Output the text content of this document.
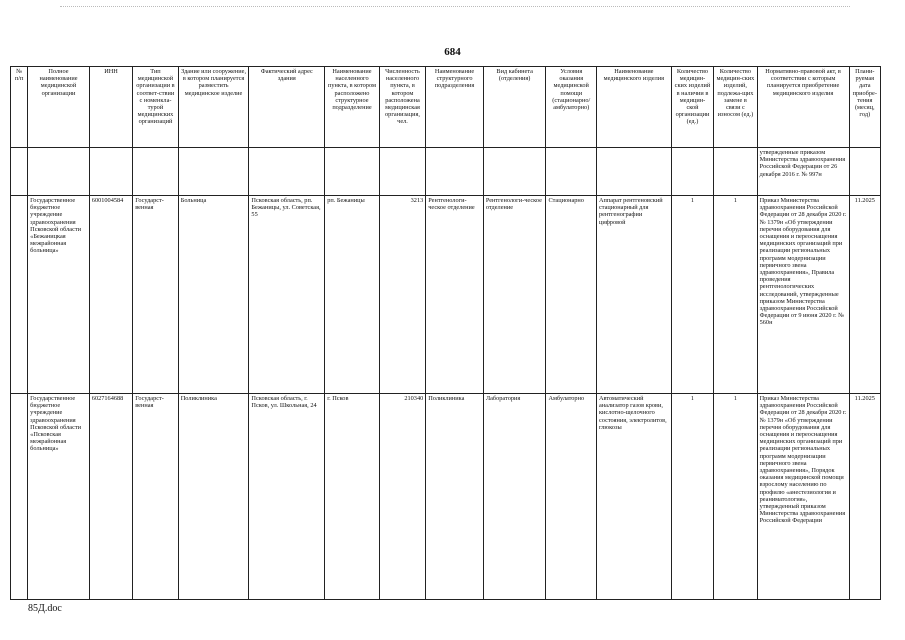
684
№ п/п	Полное наименование медицинской организации	ИНН	Тип медицинской организации в соответ-ствии с номенкла-турой медицинских организаций	Здание или сооружение, в котором планируется разместить медицинское изделие	Фактический адрес здания	Наименование населенного пункта, в котором расположено структурное подразделение	Численность населенного пункта, в котором расположена медицинская организация, чел.	Наименование структурного подразделения	Вид кабинета (отделения)	Условия оказания медицинской помощи (стационарно/амбулаторно)	Наименование медицинского изделия	Количество медицин-ских изделий в наличии в медицин-ской организации (ед.)	Количество медицин-ских изделий, подлежа-щих замене в связи с износом (ед.)	Нормативно-правовой акт, в соответствии с которым планируется приобретение медицинского изделия	Плани-руемая дата приобре-тения (месяц, год)
														утвержденные приказом Министерства здравоохранения Российской Федерации от 26 декабря 2016 г. № 997н	
	Государственное бюджетное учреждение здравоохранения Псковской области «Бежаницкая межрайонная больница»	6001004584	Государст-венная	Больница	Псковская область, рп. Бежаницы, ул. Советская, 55	рп. Бежаницы	3213	Рентгенологи-ческое отделение	Рентгенологи-ческое отделение	Стационарно	Аппарат рентгеновский стационарный для рентгенографии цифровой	1	1	Приказ Министерства здравоохранения Российской Федерации от 28 декабря 2020 г. № 1379н «Об утверждении перечня оборудования для оснащения и переоснащения медицинских организаций при реализации региональных программ модернизации первичного звена здравоохранения», Правила проведения рентгенологических исследований, утвержденные приказом Министерства здравоохранения Российской Федерации от 9 июня 2020 г. № 560н	11.2025
	Государственное бюджетное учреждение здравоохранения Псковской области «Псковская межрайонная больница»	6027164688	Государст-венная	Поликлиника	Псковская область, г. Псков, ул. Школьная, 24	г. Псков	210340	Поликлиника	Лаборатория	Амбулаторно	Автоматический анализатор газов крови, кислотно-щелочного состояния, электролитов, глюкозы	1	1	Приказ Министерства здравоохранения Российской Федерации от 28 декабря 2020 г. № 1379н «Об утверждении перечня оборудования для оснащения и переоснащения медицинских организаций при реализации региональных программ модернизации первичного звена здравоохранения», Порядок оказания медицинской помощи взрослому населению по профилю «анестезиология и реаниматология», утвержденный приказом Министерства здравоохранения Российской Федерации	11.2025
85Д.doc
